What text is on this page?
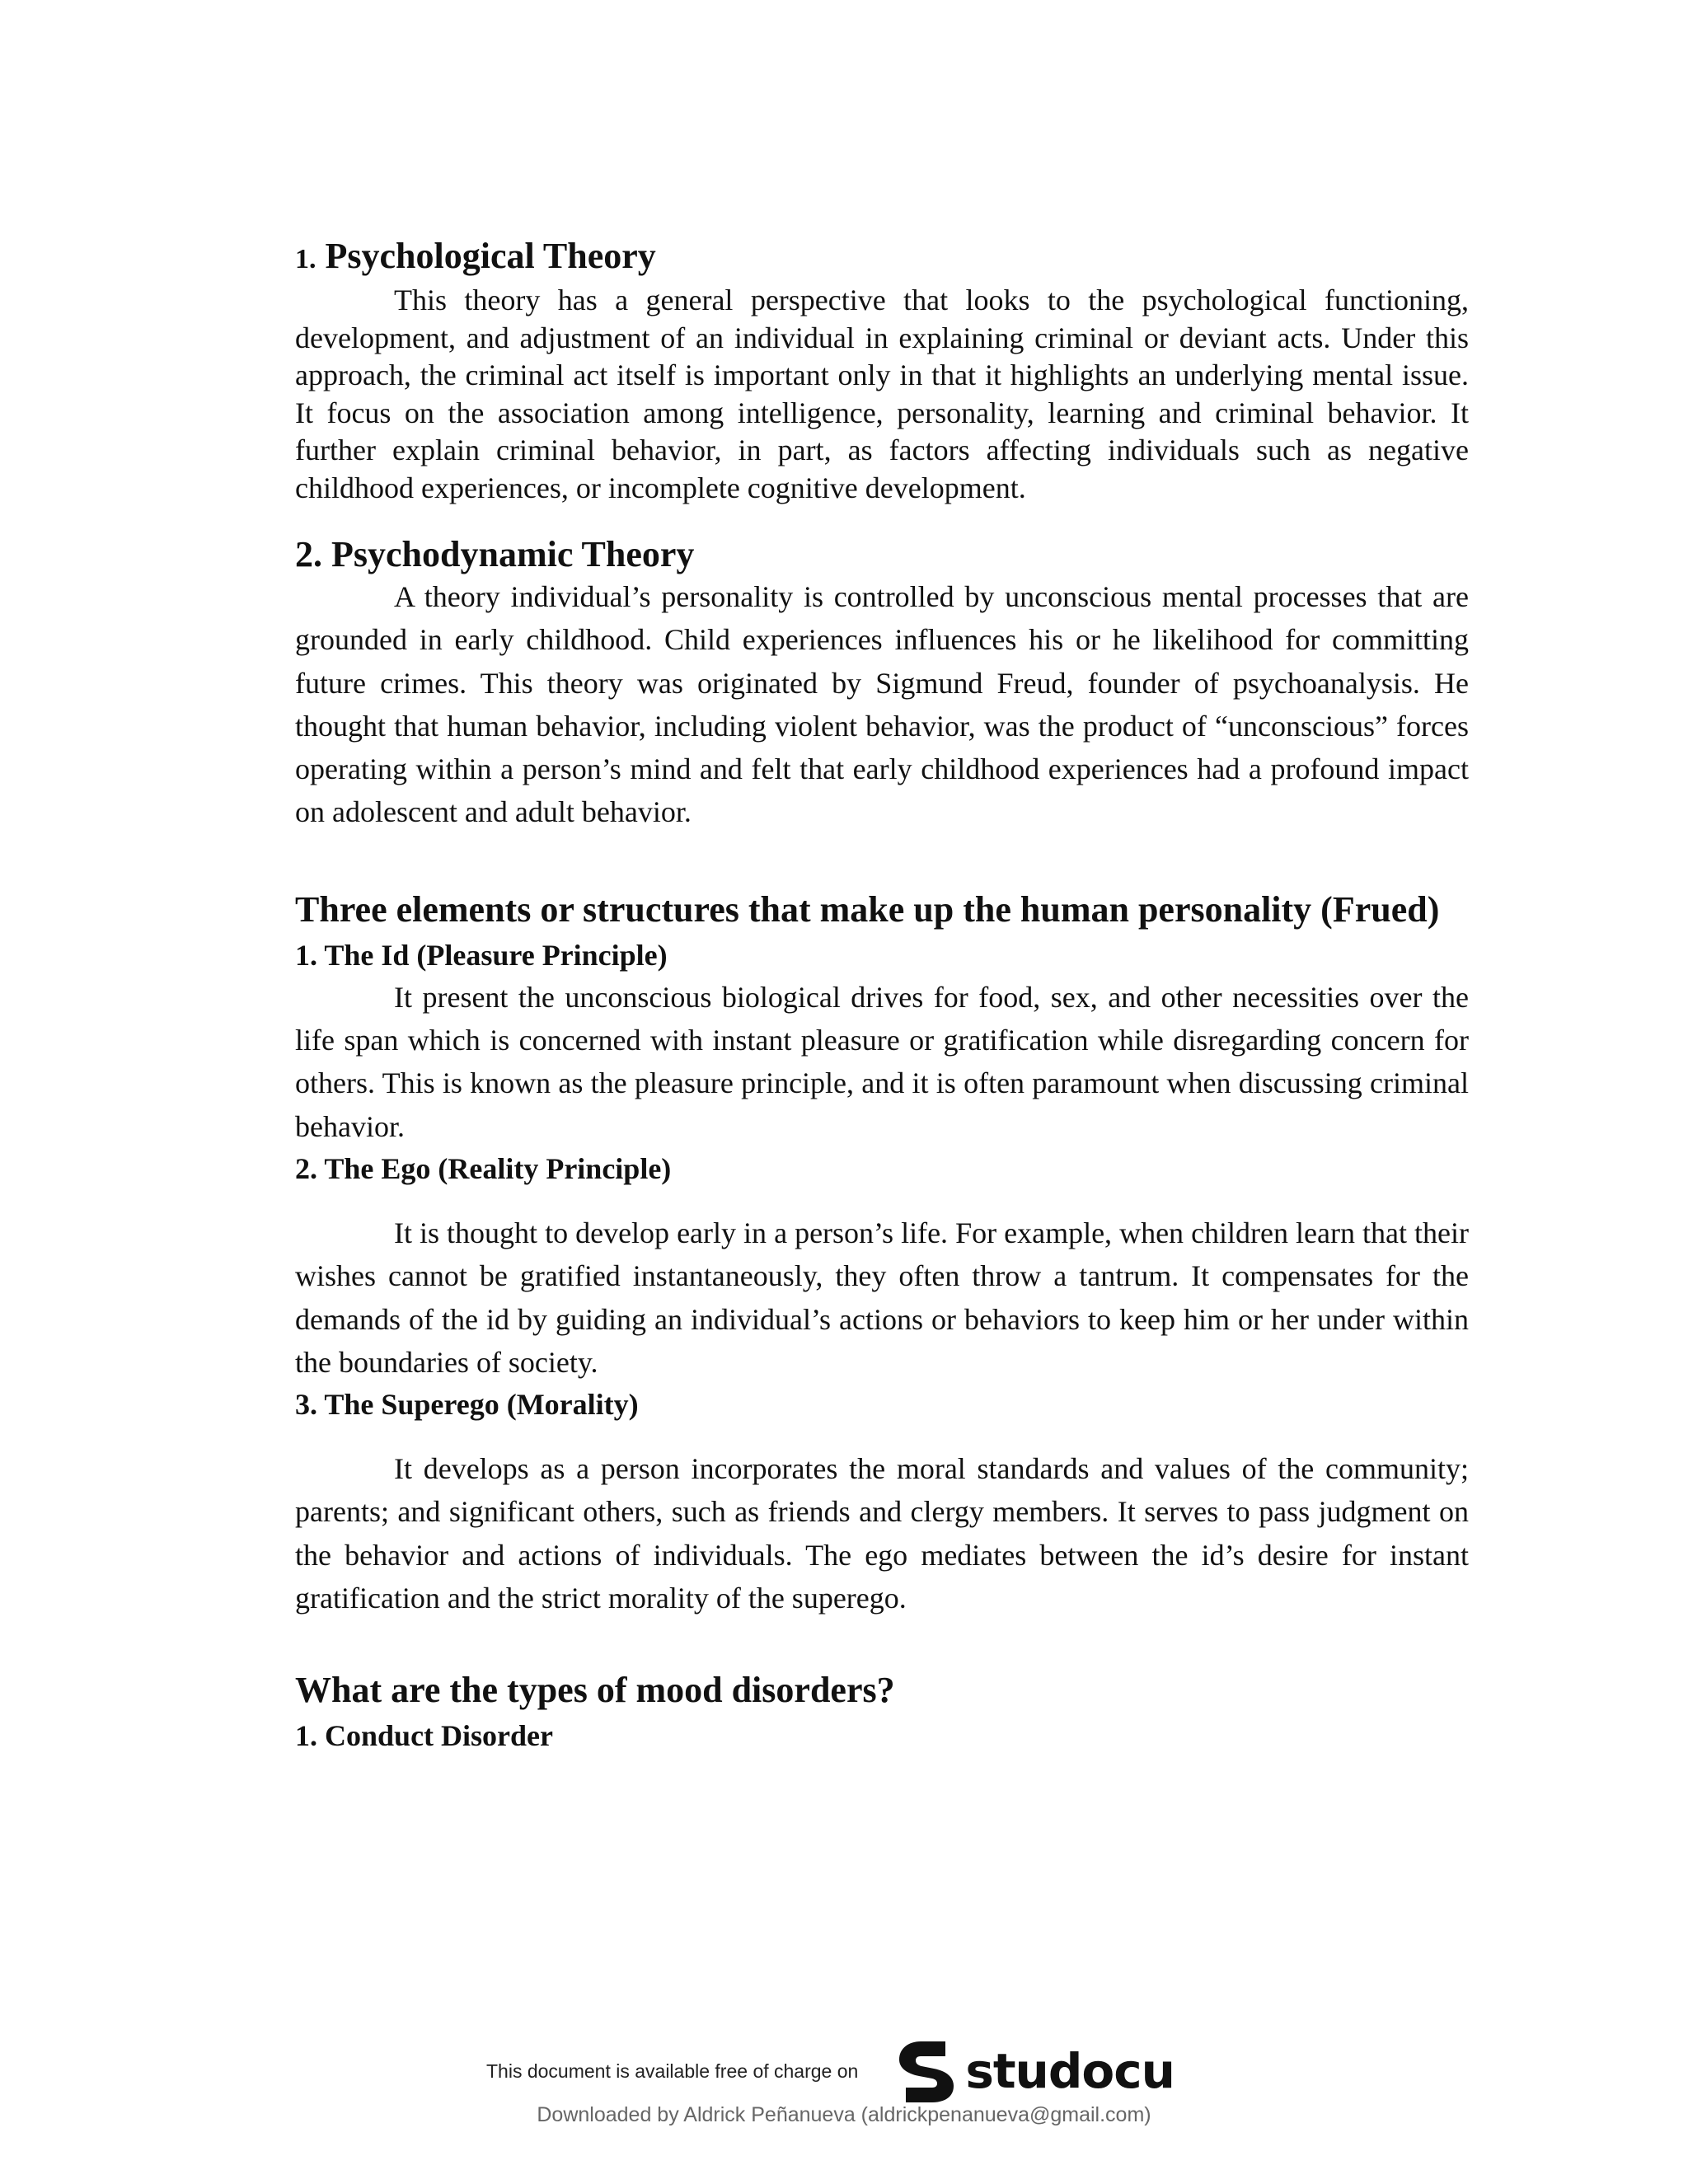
1. Psychological Theory

This theory has a general perspective that looks to the psychological functioning, development, and adjustment of an individual in explaining criminal or deviant acts. Under this approach, the criminal act itself is important only in that it highlights an underlying mental issue. It focus on the association among intelligence, personality, learning and criminal behavior. It further explain criminal behavior, in part, as factors affecting individuals such as negative childhood experiences, or incomplete cognitive development.

2. Psychodynamic Theory

A theory individual’s personality is controlled by unconscious mental processes that are grounded in early childhood. Child experiences influences his or he likelihood for committing future crimes. This theory was originated by Sigmund Freud, founder of psychoanalysis. He thought that human behavior, including violent behavior, was the product of “unconscious” forces operating within a person’s mind and felt that early childhood experiences had a profound impact on adolescent and adult behavior.

Three elements or structures that make up the human personality (Frued)
1. The Id (Pleasure Principle)

It present the unconscious biological drives for food, sex, and other necessities over the life span which is concerned with instant pleasure or gratification while disregarding concern for others. This is known as the pleasure principle, and it is often paramount when discussing criminal behavior.

2. The Ego (Reality Principle)

It is thought to develop early in a person’s life. For example, when children learn that their wishes cannot be gratified instantaneously, they often throw a tantrum. It compensates for the demands of the id by guiding an individual’s actions or behaviors to keep him or her under within the boundaries of society.

3. The Superego (Morality)

It develops as a person incorporates the moral standards and values of the community; parents; and significant others, such as friends and clergy members. It serves to pass judgment on the behavior and actions of individuals. The ego mediates between the id’s desire for instant gratification and the strict morality of the superego.

What are the types of mood disorders?
1. Conduct Disorder
This document is available free of charge on studocu
Downloaded by Aldrick Peñanueva (aldrickpenanueva@gmail.com)
